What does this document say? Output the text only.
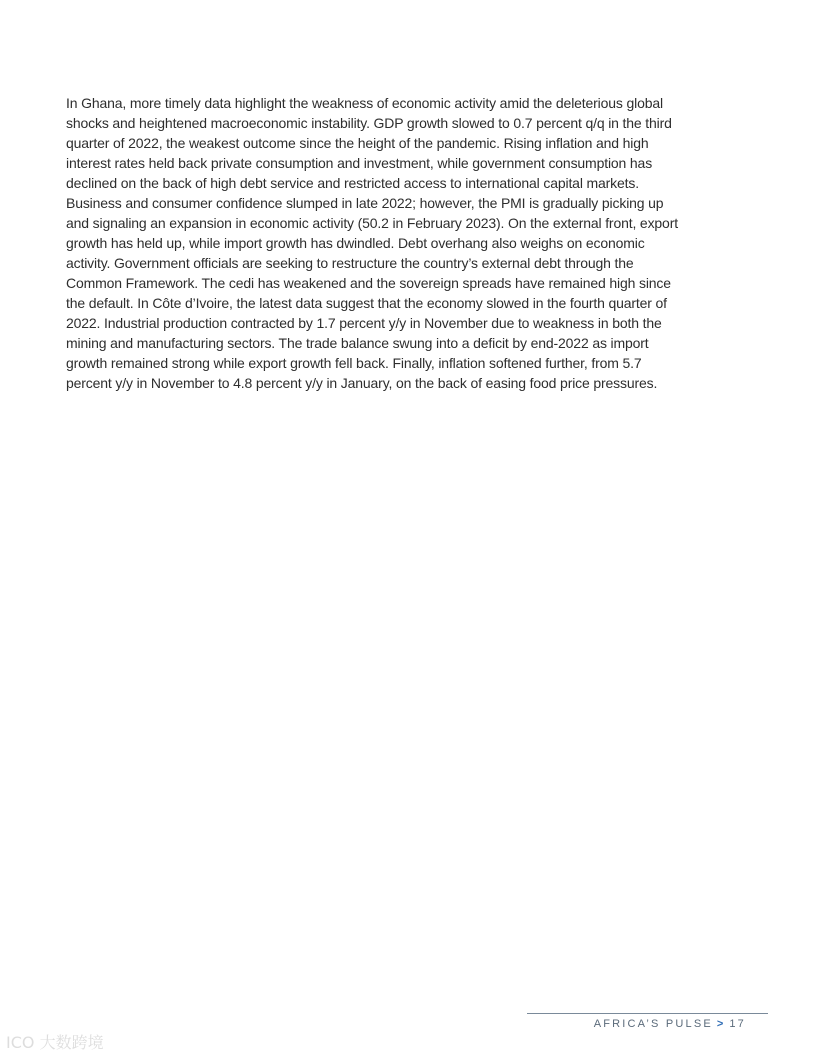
In Ghana, more timely data highlight the weakness of economic activity amid the deleterious global shocks and heightened macroeconomic instability. GDP growth slowed to 0.7 percent q/q in the third quarter of 2022, the weakest outcome since the height of the pandemic. Rising inflation and high interest rates held back private consumption and investment, while government consumption has declined on the back of high debt service and restricted access to international capital markets. Business and consumer confidence slumped in late 2022; however, the PMI is gradually picking up and signaling an expansion in economic activity (50.2 in February 2023). On the external front, export growth has held up, while import growth has dwindled. Debt overhang also weighs on economic activity. Government officials are seeking to restructure the country’s external debt through the Common Framework. The cedi has weakened and the sovereign spreads have remained high since the default. In Côte d’Ivoire, the latest data suggest that the economy slowed in the fourth quarter of 2022. Industrial production contracted by 1.7 percent y/y in November due to weakness in both the mining and manufacturing sectors. The trade balance swung into a deficit by end-2022 as import growth remained strong while export growth fell back. Finally, inflation softened further, from 5.7 percent y/y in November to 4.8 percent y/y in January, on the back of easing food price pressures.

AFRICA’S PULSE > 17
ICO 大数跨境
